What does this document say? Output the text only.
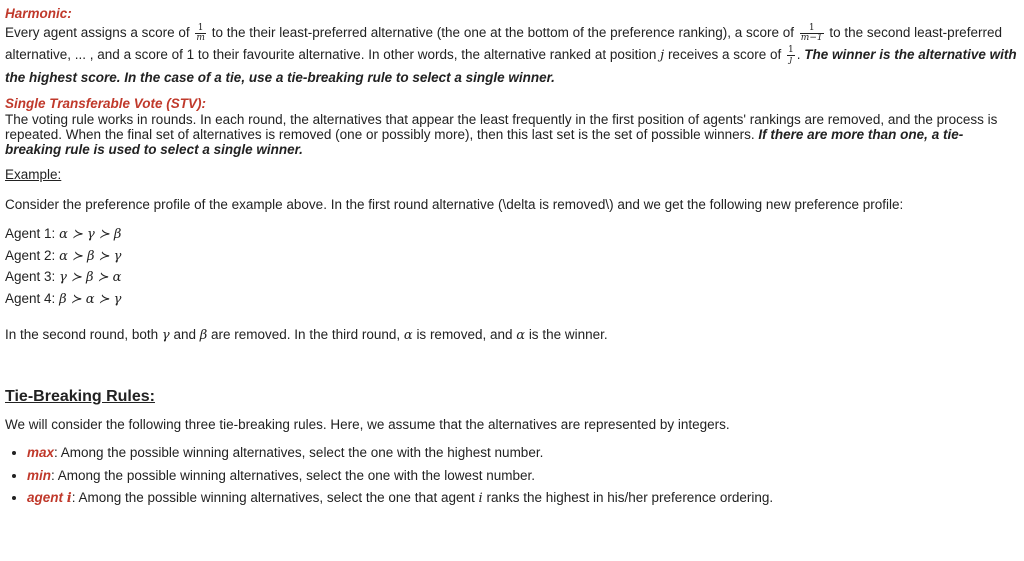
Harmonic:
Every agent assigns a score of $\frac{1}{m}$ to the their least-preferred alternative (the one at the bottom of the preference ranking), a score of $\frac{1}{m-1}$ to the second least-preferred alternative, ... , and a score of 1 to their favourite alternative. In other words, the alternative ranked at position j receives a score of $\frac{1}{j}$ . The winner is the alternative with the highest score. In the case of a tie, use a tie-breaking rule to select a single winner.
Single Transferable Vote (STV):
The voting rule works in rounds. In each round, the alternatives that appear the least frequently in the first position of agents' rankings are removed, and the process is repeated. When the final set of alternatives is removed (one or possibly more), then this last set is the set of possible winners. If there are more than one, a tie-breaking rule is used to select a single winner.
Example:
Consider the preference profile of the example above. In the first round alternative (\delta is removed\) and we get the following new preference profile:
Agent 1: α ≻ γ ≻ β
Agent 2: α ≻ β ≻ γ
Agent 3: γ ≻ β ≻ α
Agent 4: β ≻ α ≻ γ
In the second round, both γ and β are removed. In the third round, α is removed, and α is the winner.
Tie-Breaking Rules:
We will consider the following three tie-breaking rules. Here, we assume that the alternatives are represented by integers.
• max: Among the possible winning alternatives, select the one with the highest number.
• min: Among the possible winning alternatives, select the one with the lowest number.
• agent i: Among the possible winning alternatives, select the one that agent i ranks the highest in his/her preference ordering.
